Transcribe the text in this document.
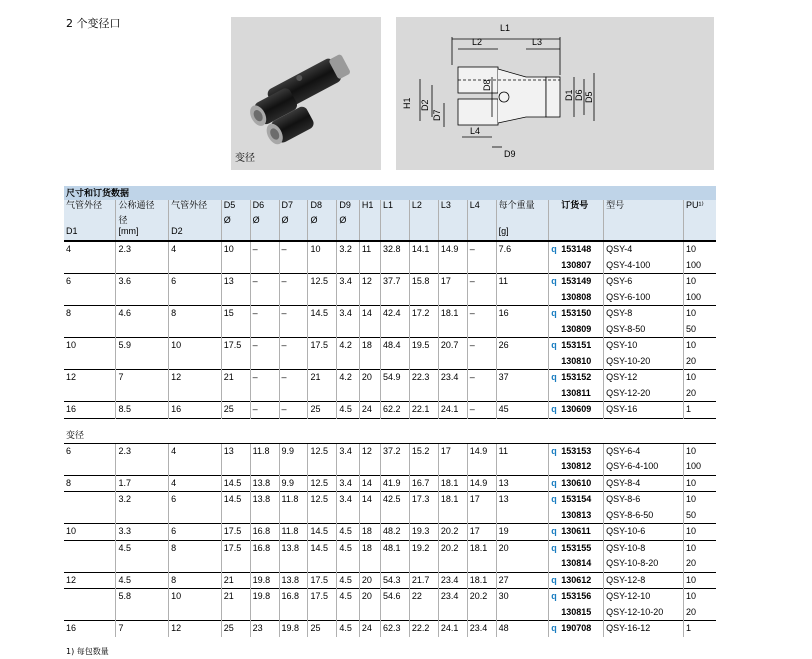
2 个变径口
变径
L1
L2	L3
L4
H1
D1
D2
D5
D6
D7
D8
D9
尺寸和订货数据																	
气管外径	公称通径	气管外径	D5	D6	D7	D8	D9	H1	L1	L2	L3	L4	每个重量		订货号	型号	PU¹⁾
	径		Ø	Ø	Ø	Ø	Ø										
D1	[mm]	D2											[g]				
4	2.3	4	10	–	–	10	3.2	11	32.8	14.1	14.9	–	7.6	q	153148	QSY-4	10
															130807	QSY-4-100	100
6	3.6	6	13	–	–	12.5	3.4	12	37.7	15.8	17	–	11	q	153149	QSY-6	10
															130808	QSY-6-100	100
8	4.6	8	15	–	–	14.5	3.4	14	42.4	17.2	18.1	–	16	q	153150	QSY-8	10
															130809	QSY-8-50	50
10	5.9	10	17.5	–	–	17.5	4.2	18	48.4	19.5	20.7	–	26	q	153151	QSY-10	10
															130810	QSY-10-20	20
12	7	12	21	–	–	21	4.2	20	54.9	22.3	23.4	–	37	q	153152	QSY-12	10
															130811	QSY-12-20	20
16	8.5	16	25	–	–	25	4.5	24	62.2	22.1	24.1	–	45	q	130609	QSY-16	1

变径																	
6	2.3	4	13	11.8	9.9	12.5	3.4	12	37.2	15.2	17	14.9	11	q	153153	QSY-6-4	10
															130812	QSY-6-4-100	100
8	1.7	4	14.5	13.8	9.9	12.5	3.4	14	41.9	16.7	18.1	14.9	13	q	130610	QSY-8-4	10
	3.2	6	14.5	13.8	11.8	12.5	3.4	14	42.5	17.3	18.1	17	13	q	153154	QSY-8-6	10
															130813	QSY-8-6-50	50
10	3.3	6	17.5	16.8	11.8	14.5	4.5	18	48.2	19.3	20.2	17	19	q	130611	QSY-10-6	10
	4.5	8	17.5	16.8	13.8	14.5	4.5	18	48.1	19.2	20.2	18.1	20	q	153155	QSY-10-8	10
															130814	QSY-10-8-20	20
12	4.5	8	21	19.8	13.8	17.5	4.5	20	54.3	21.7	23.4	18.1	27	q	130612	QSY-12-8	10
	5.8	10	21	19.8	16.8	17.5	4.5	20	54.6	22	23.4	20.2	30	q	153156	QSY-12-10	10
															130815	QSY-12-10-20	20
16	7	12	25	23	19.8	25	4.5	24	62.3	22.2	24.1	23.4	48	q	190708	QSY-16-12	1
1) 每包数量
